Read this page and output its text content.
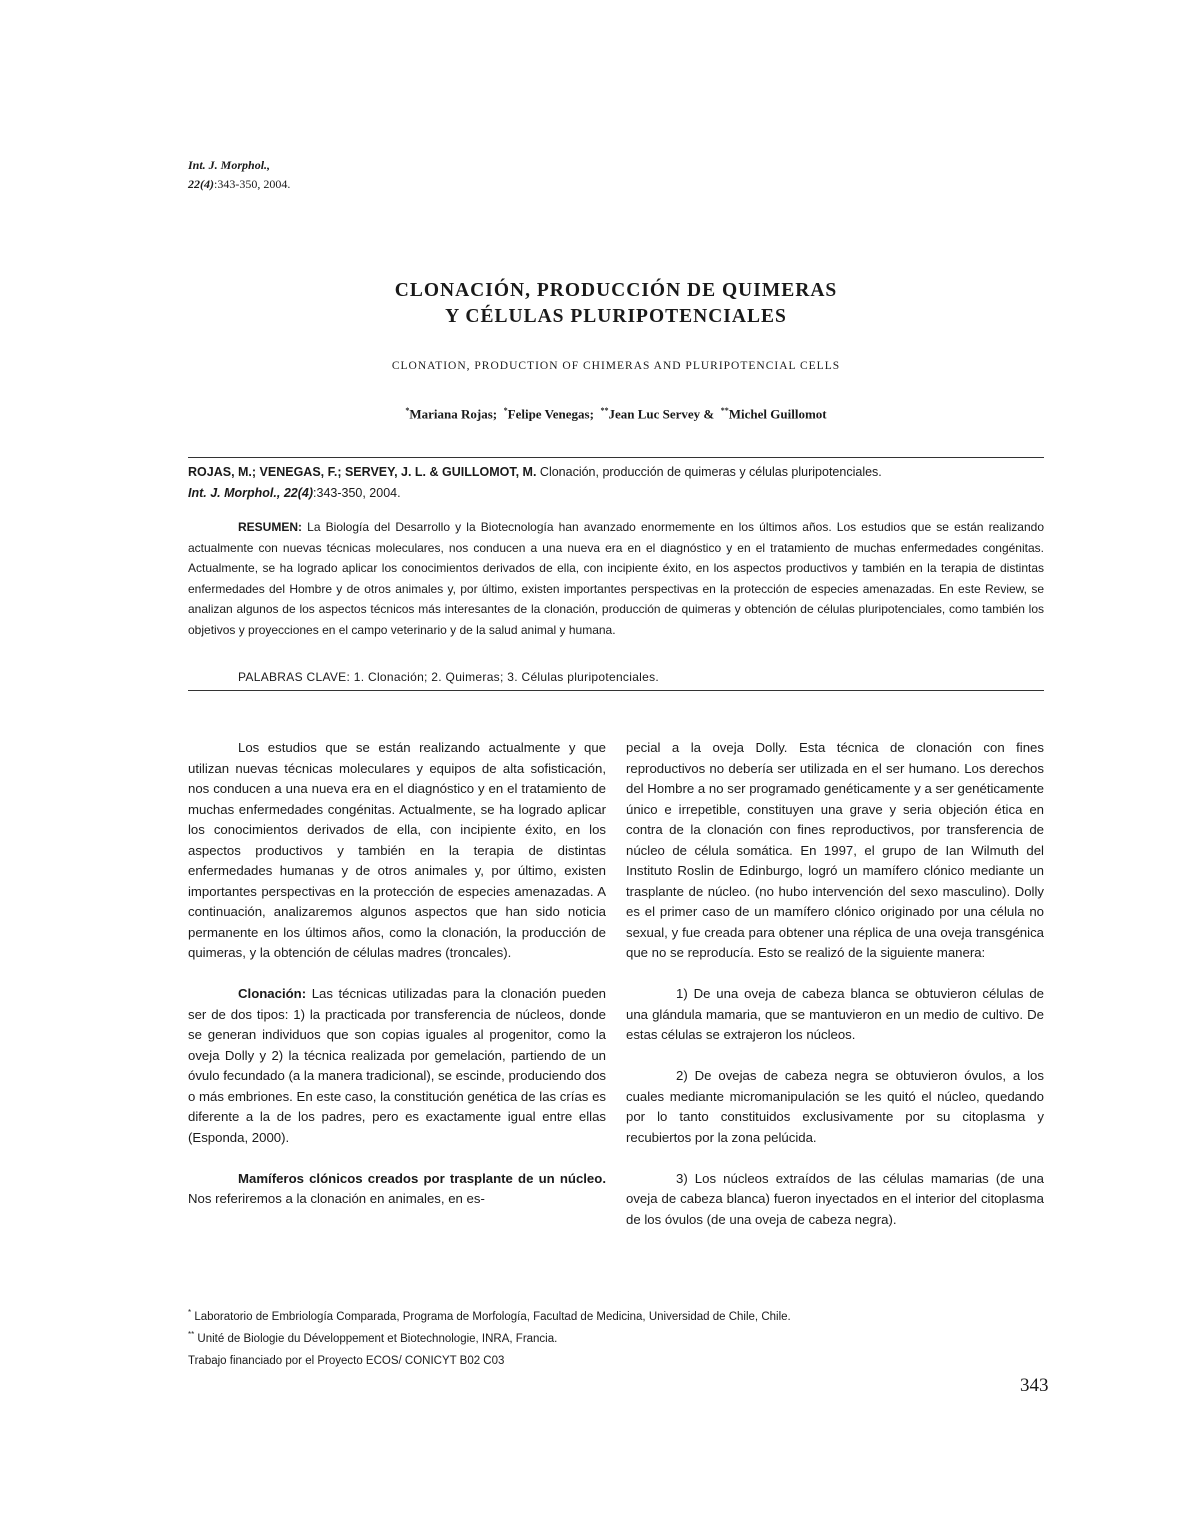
Int. J. Morphol.,
22(4):343-350, 2004.
CLONACIÓN, PRODUCCIÓN DE QUIMERAS
Y CÉLULAS PLURIPOTENCIALES
CLONATION, PRODUCTION OF CHIMERAS AND PLURIPOTENCIAL CELLS
*Mariana Rojas; *Felipe Venegas; **Jean Luc Servey & **Michel Guillomot
ROJAS, M.; VENEGAS, F.; SERVEY, J. L. & GUILLOMOT, M. Clonación, producción de quimeras y células pluripotenciales.
Int. J. Morphol., 22(4):343-350, 2004.
RESUMEN: La Biología del Desarrollo y la Biotecnología han avanzado enormemente en los últimos años. Los estudios que se están realizando actualmente con nuevas técnicas moleculares, nos conducen a una nueva era en el diagnóstico y en el tratamiento de muchas enfermedades congénitas. Actualmente, se ha logrado aplicar los conocimientos derivados de ella, con incipiente éxito, en los aspectos productivos y también en la terapia de distintas enfermedades del Hombre y de otros animales y, por último, existen importantes perspectivas en la protección de especies amenazadas. En este Review, se analizan algunos de los aspectos técnicos más interesantes de la clonación, producción de quimeras y obtención de células pluripotenciales, como también los objetivos y proyecciones en el campo veterinario y de la salud animal y humana.
PALABRAS CLAVE: 1. Clonación; 2. Quimeras; 3. Células pluripotenciales.

Los estudios que se están realizando actualmente y que utilizan nuevas técnicas moleculares y equipos de alta sofisticación, nos conducen a una nueva era en el diagnóstico y en el tratamiento de muchas enfermedades congénitas. Actualmente, se ha logrado aplicar los conocimientos derivados de ella, con incipiente éxito, en los aspectos productivos y también en la terapia de distintas enfermedades humanas y de otros animales y, por último, existen importantes perspectivas en la protección de especies amenazadas. A continuación, analizaremos algunos aspectos que han sido noticia permanente en los últimos años, como la clonación, la producción de quimeras, y la obtención de células madres (troncales).

Clonación: Las técnicas utilizadas para la clonación pueden ser de dos tipos: 1) la practicada por transferencia de núcleos, donde se generan individuos que son copias iguales al progenitor, como la oveja Dolly y 2) la técnica realizada por gemelación, partiendo de un óvulo fecundado (a la manera tradicional), se escinde, produciendo dos o más embriones. En este caso, la constitución genética de las crías es diferente a la de los padres, pero es exactamente igual entre ellas (Esponda, 2000).

Mamíferos clónicos creados por trasplante de un núcleo. Nos referiremos a la clonación en animales, en es-

pecial a la oveja Dolly. Esta técnica de clonación con fines reproductivos no debería ser utilizada en el ser humano. Los derechos del Hombre a no ser programado genéticamente y a ser genéticamente único e irrepetible, constituyen una grave y seria objeción ética en contra de la clonación con fines reproductivos, por transferencia de núcleo de célula somática. En 1997, el grupo de Ian Wilmuth del Instituto Roslin de Edinburgo, logró un mamífero clónico mediante un trasplante de núcleo. (no hubo intervención del sexo masculino). Dolly es el primer caso de un mamífero clónico originado por una célula no sexual, y fue creada para obtener una réplica de una oveja transgénica que no se reproducía. Esto se realizó de la siguiente manera:

1) De una oveja de cabeza blanca se obtuvieron células de una glándula mamaria, que se mantuvieron en un medio de cultivo. De estas células se extrajeron los núcleos.

2) De ovejas de cabeza negra se obtuvieron óvulos, a los cuales mediante micromanipulación se les quitó el núcleo, quedando por lo tanto constituidos exclusivamente por su citoplasma y recubiertos por la zona pelúcida.

3) Los núcleos extraídos de las células mamarias (de una oveja de cabeza blanca) fueron inyectados en el interior del citoplasma de los óvulos (de una oveja de cabeza negra).

* Laboratorio de Embriología Comparada, Programa de Morfología, Facultad de Medicina, Universidad de Chile, Chile.
** Unité de Biologie du Développement et Biotechnologie, INRA, Francia.
Trabajo financiado por el Proyecto ECOS/ CONICYT B02 C03
343
